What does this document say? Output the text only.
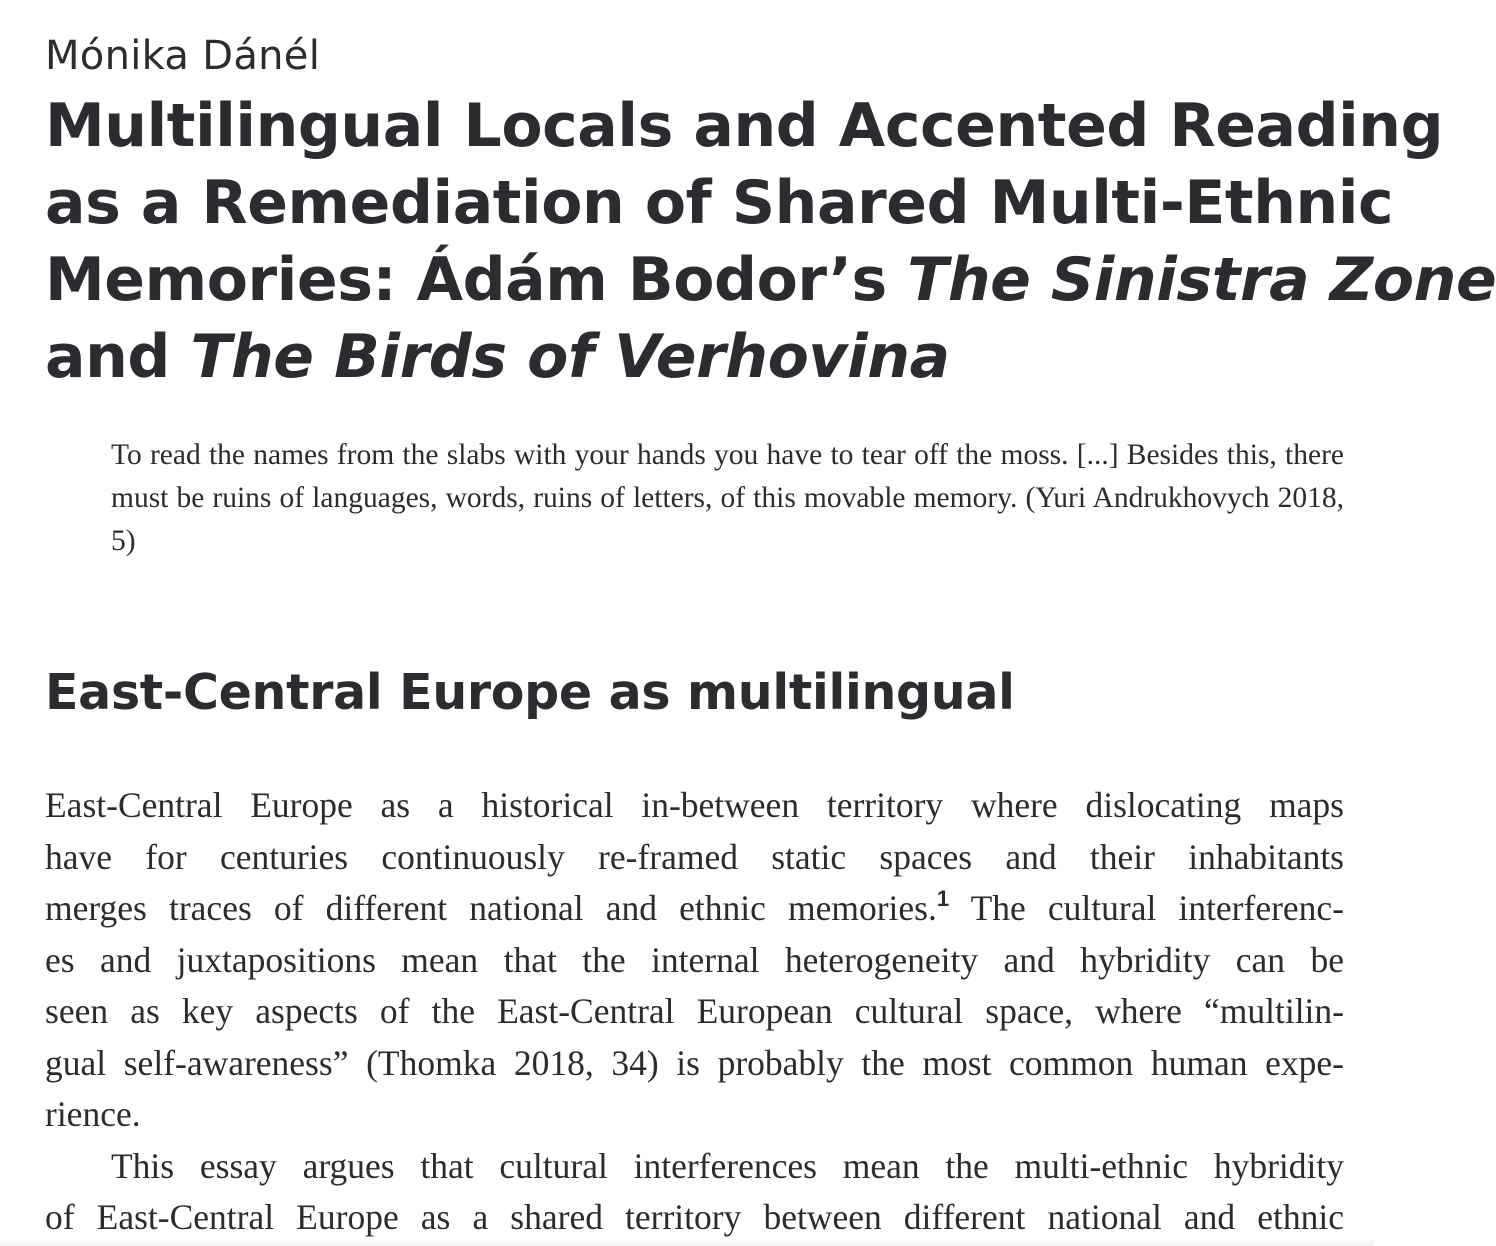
Mónika Dánél
Multilingual Locals and Accented Reading
as a Remediation of Shared Multi-Ethnic
Memories: Ádám Bodor’s The Sinistra Zone
and The Birds of Verhovina

To read the names from the slabs with your hands you have to tear off the moss. [...] Besides this, there must be ruins of languages, words, ruins of letters, of this movable memory. (Yuri Andrukhovych 2018, 5)

East-Central Europe as multilingual
East-Central Europe as a historical in-between territory where dislocating maps
have for centuries continuously re-framed static spaces and their inhabitants
merges traces of different national and ethnic memories.$^1$ The cultural interferenc-
es and juxtapositions mean that the internal heterogeneity and hybridity can be
seen as key aspects of the East-Central European cultural space, where “multilin-
gual self-awareness” (Thomka 2018, 34) is probably the most common human expe-
rience.
This essay argues that cultural interferences mean the multi-ethnic hybridity
of East-Central Europe as a shared territory between different national and ethnic
